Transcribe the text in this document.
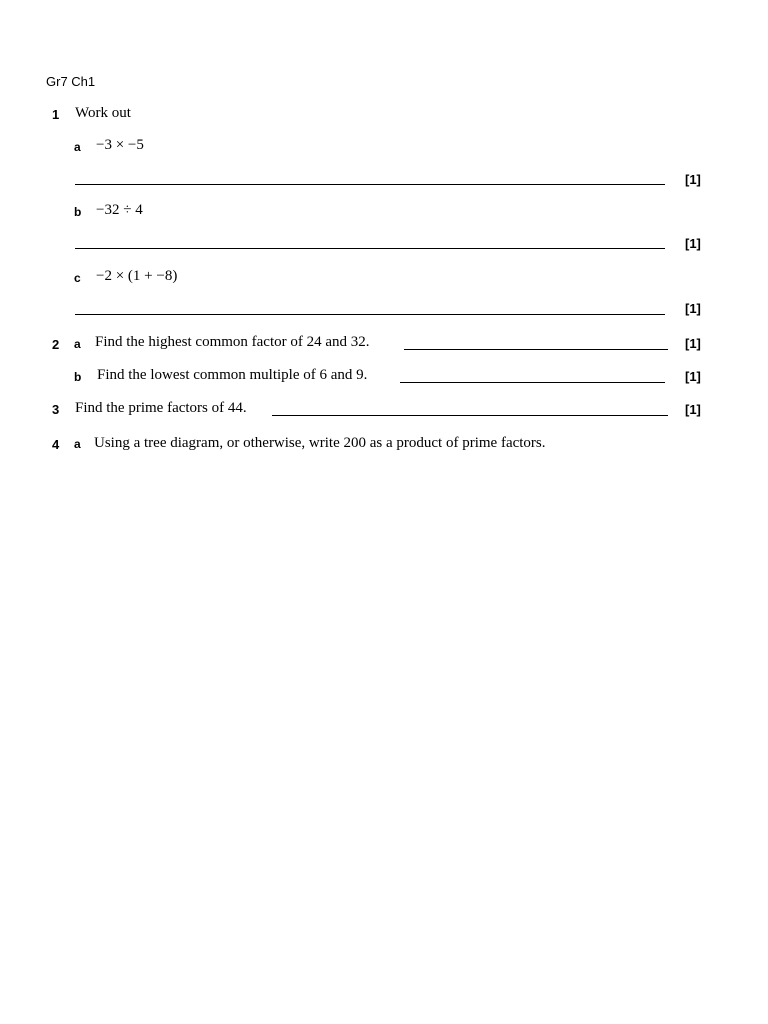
Gr7 Ch1
1 Work out
a −3 × −5
[1]
b −32 ÷ 4
[1]
c −2 × (1 + −8)
[1]
2 a Find the highest common factor of 24 and 32.	[1]
b Find the lowest common multiple of 6 and 9.	[1]
3 Find the prime factors of 44.	[1]
4 a Using a tree diagram, or otherwise, write 200 as a product of prime factors.
